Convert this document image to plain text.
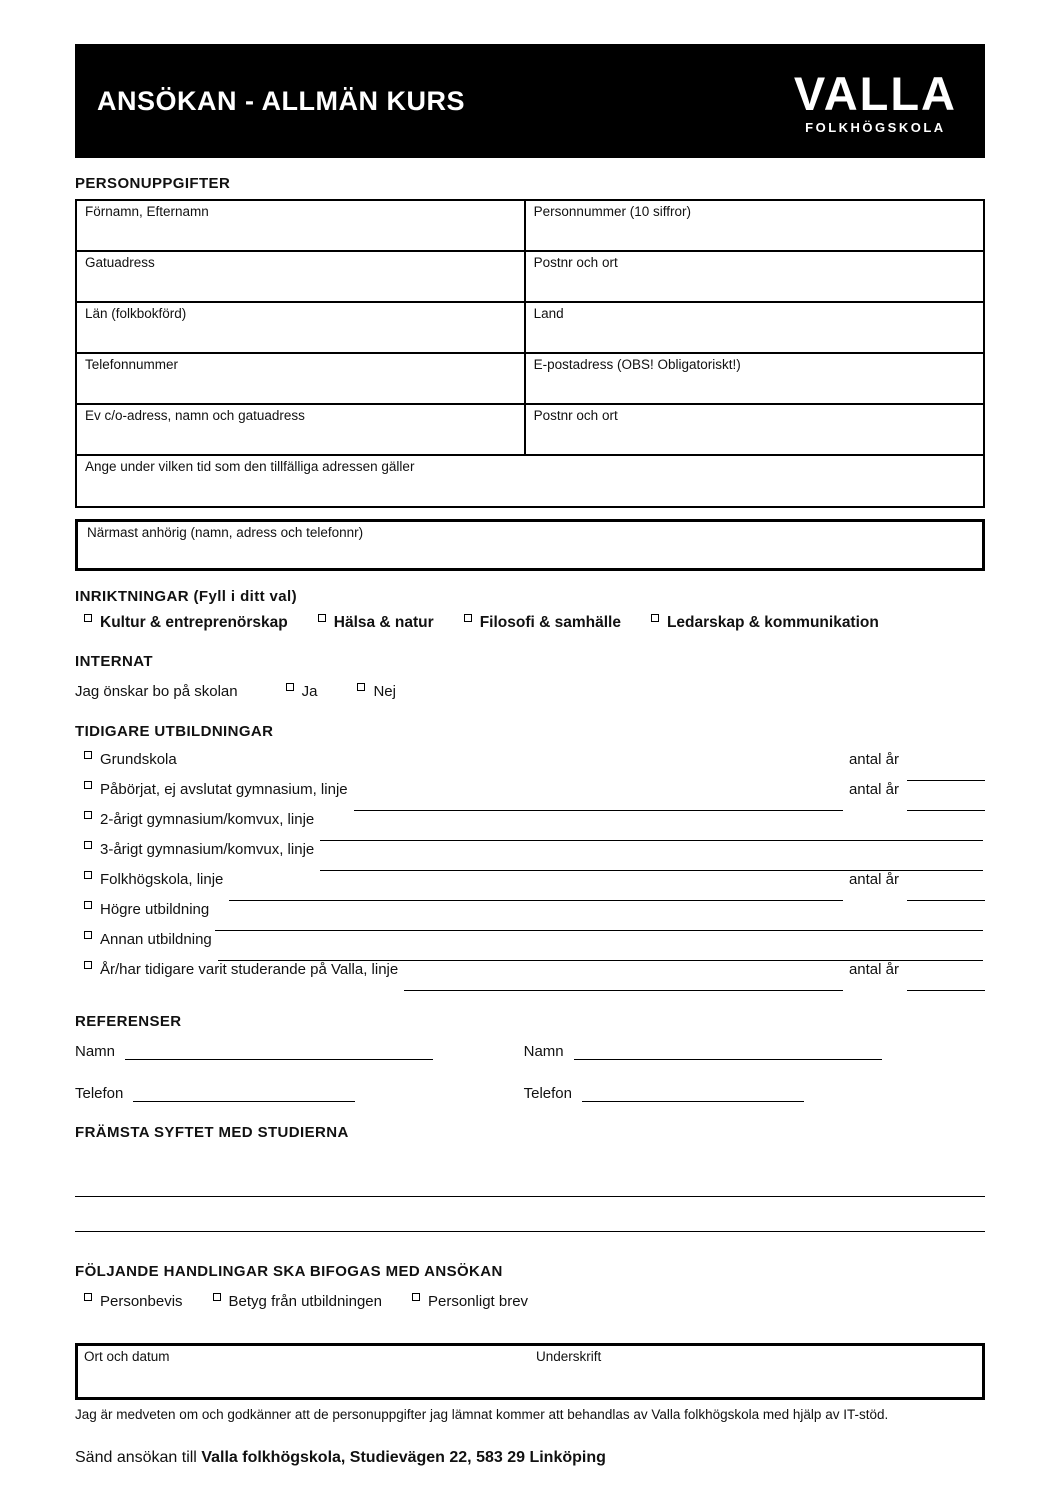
ANSÖKAN - ALLMÄN KURS	VALLA
FOLKHÖGSKOLA
PERSONUPPGIFTER
Förnamn, Efternamn	Personnummer (10 siffror)
Gatuadress	Postnr och ort
Län (folkbokförd)	Land
Telefonnummer	E-postadress (OBS! Obligatoriskt!)
Ev c/o-adress, namn och gatuadress	Postnr och ort
Ange under vilken tid som den tillfälliga adressen gäller
Närmast anhörig (namn, adress och telefonnr)
INRIKTNINGAR (Fyll i ditt val)
Kultur & entreprenörskap	Hälsa & natur	Filosofi & samhälle	Ledarskap & kommunikation
INTERNAT
Jag önskar bo på skolan	Ja	Nej
TIDIGARE UTBILDNINGAR
Grundskola	antal år
Påbörjat, ej avslutat gymnasium, linje	antal år
2-årigt gymnasium/komvux, linje
3-årigt gymnasium/komvux, linje
Folkhögskola, linje	antal år
Högre utbildning
Annan utbildning
År/har tidigare varit studerande på Valla, linje	antal år
REFERENSER
Namn	Namn
Telefon	Telefon
FRÄMSTA SYFTET MED STUDIERNA
FÖLJANDE HANDLINGAR SKA BIFOGAS MED ANSÖKAN
Personbevis	Betyg från utbildningen	Personligt brev
Ort och datum	Underskrift
Jag är medveten om och godkänner att de personuppgifter jag lämnat kommer att behandlas av Valla folkhögskola med hjälp av IT-stöd.
Sänd ansökan till Valla folkhögskola, Studievägen 22, 583 29 Linköping
